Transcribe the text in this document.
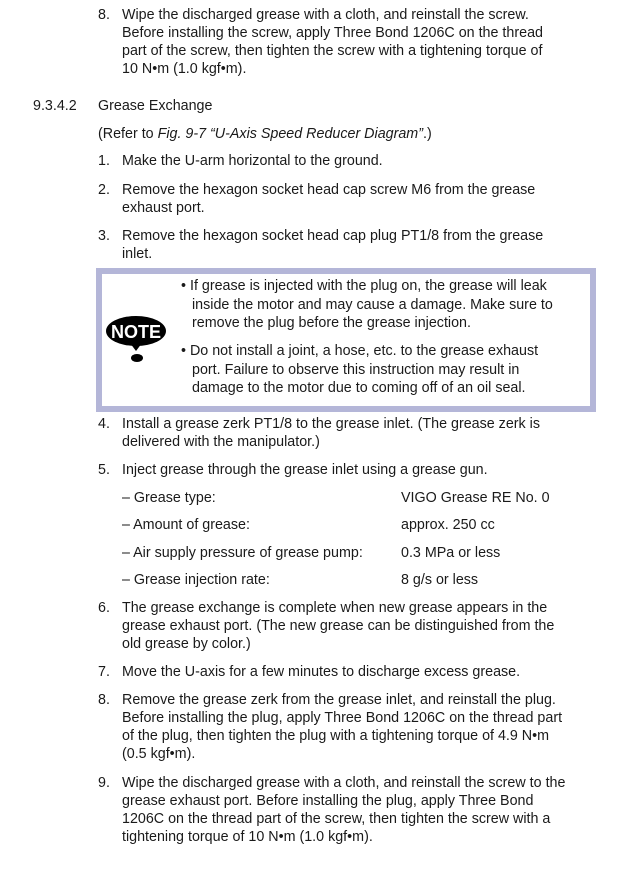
8. Wipe the discharged grease with a cloth, and reinstall the screw.
Before installing the screw, apply Three Bond 1206C on the thread
part of the screw, then tighten the screw with a tightening torque of
10 N•m (1.0 kgf•m).
9.3.4.2 Grease Exchange
(Refer to Fig. 9-7 “U-Axis Speed Reducer Diagram”.)
1. Make the U-arm horizontal to the ground.
2. Remove the hexagon socket head cap screw M6 from the grease
exhaust port.
3. Remove the hexagon socket head cap plug PT1/8 from the grease
inlet.
NOTE
• If grease is injected with the plug on, the grease will leak
inside the motor and may cause a damage. Make sure to
remove the plug before the grease injection.
• Do not install a joint, a hose, etc. to the grease exhaust
port. Failure to observe this instruction may result in
damage to the motor due to coming off of an oil seal.
4. Install a grease zerk PT1/8 to the grease inlet. (The grease zerk is
delivered with the manipulator.)
5. Inject grease through the grease inlet using a grease gun.
– Grease type:	VIGO Grease RE No. 0
– Amount of grease:	approx. 250 cc
– Air supply pressure of grease pump:	0.3 MPa or less
– Grease injection rate:	8 g/s or less
6. The grease exchange is complete when new grease appears in the
grease exhaust port. (The new grease can be distinguished from the
old grease by color.)
7. Move the U-axis for a few minutes to discharge excess grease.
8. Remove the grease zerk from the grease inlet, and reinstall the plug.
Before installing the plug, apply Three Bond 1206C on the thread part
of the plug, then tighten the plug with a tightening torque of 4.9 N•m
(0.5 kgf•m).
9. Wipe the discharged grease with a cloth, and reinstall the screw to the
grease exhaust port. Before installing the plug, apply Three Bond
1206C on the thread part of the screw, then tighten the screw with a
tightening torque of 10 N•m (1.0 kgf•m).
